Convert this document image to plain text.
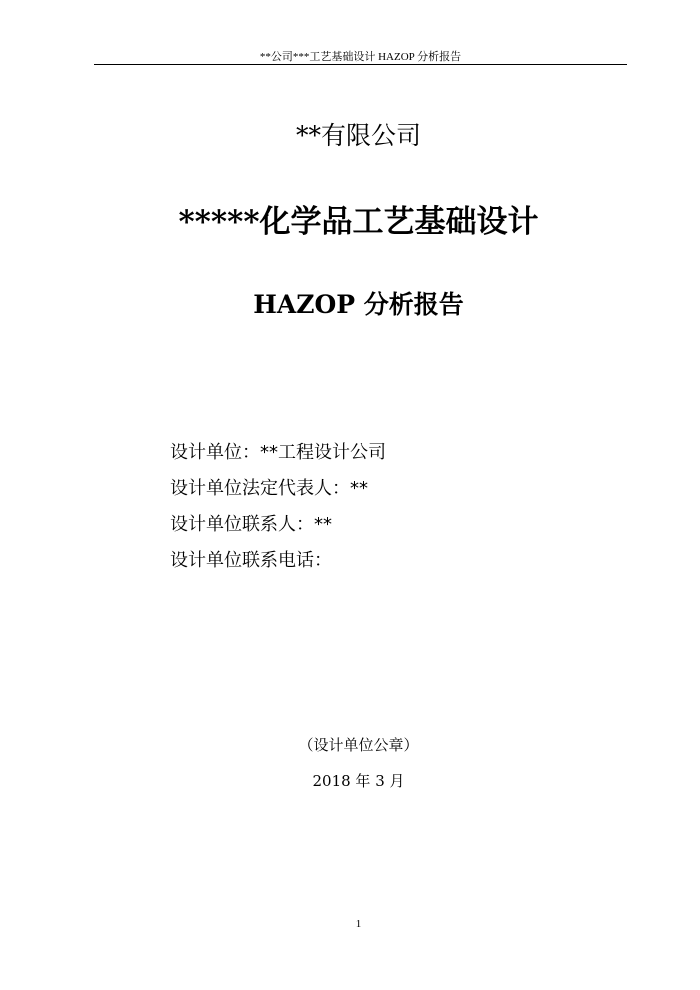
**公司***工艺基础设计 HAZOP 分析报告
**有限公司
*****化学品工艺基础设计
HAZOP 分析报告
设计单位：**工程设计公司
设计单位法定代表人：**
设计单位联系人：**
设计单位联系电话：
（设计单位公章）
2018 年 3 月
1
